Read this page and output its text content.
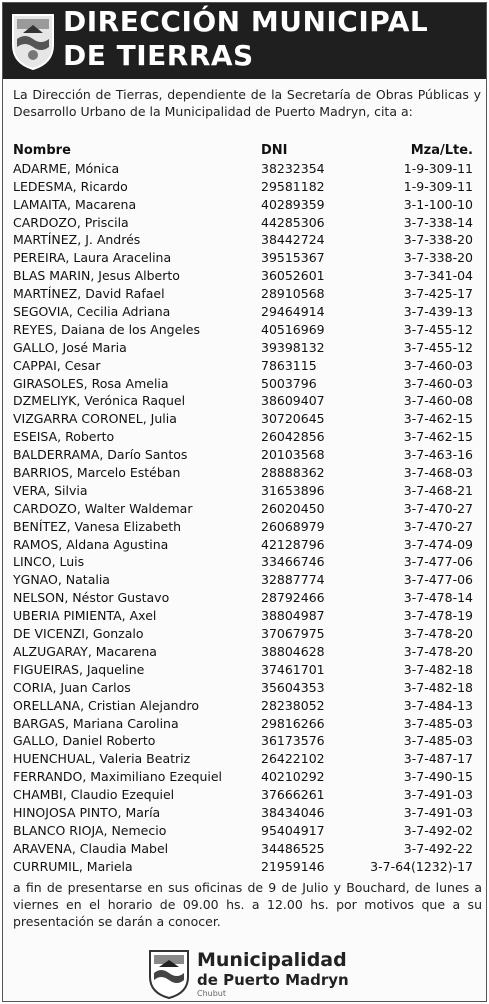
DIRECCIÓN MUNICIPAL
DE TIERRAS
La Dirección de Tierras, dependiente de la Secretaría de Obras Públicas y Desarrollo Urbano de la Municipalidad de Puerto Madryn, cita a:
Nombre	DNI	Mza/Lte.
ADARME, Mónica	38232354	1-9-309-11
LEDESMA, Ricardo	29581182	1-9-309-11
LAMAITA, Macarena	40289359	3-1-100-10
CARDOZO, Priscila	44285306	3-7-338-14
MARTÍNEZ, J. Andrés	38442724	3-7-338-20
PEREIRA, Laura Aracelina	39515367	3-7-338-20
BLAS MARIN, Jesus Alberto	36052601	3-7-341-04
MARTÍNEZ, David Rafael	28910568	3-7-425-17
SEGOVIA, Cecilia Adriana	29464914	3-7-439-13
REYES, Daiana de los Angeles	40516969	3-7-455-12
GALLO, José Maria	39398132	3-7-455-12
CAPPAI, Cesar	7863115	3-7-460-03
GIRASOLES, Rosa Amelia	5003796	3-7-460-03
DZMELIYK, Verónica Raquel	38609407	3-7-460-08
VIZGARRA CORONEL, Julia	30720645	3-7-462-15
ESEISA, Roberto	26042856	3-7-462-15
BALDERRAMA, Darío Santos	20103568	3-7-463-16
BARRIOS, Marcelo Estéban	28888362	3-7-468-03
VERA, Silvia	31653896	3-7-468-21
CARDOZO, Walter Waldemar	26020450	3-7-470-27
BENÍTEZ, Vanesa Elizabeth	26068979	3-7-470-27
RAMOS, Aldana Agustina	42128796	3-7-474-09
LINCO, Luis	33466746	3-7-477-06
YGNAO, Natalia	32887774	3-7-477-06
NELSON, Néstor Gustavo	28792466	3-7-478-14
UBERIA PIMIENTA, Axel	38804987	3-7-478-19
DE VICENZI, Gonzalo	37067975	3-7-478-20
ALZUGARAY, Macarena	38804628	3-7-478-20
FIGUEIRAS, Jaqueline	37461701	3-7-482-18
CORIA, Juan Carlos	35604353	3-7-482-18
ORELLANA, Cristian Alejandro	28238052	3-7-484-13
BARGAS, Mariana Carolina	29816266	3-7-485-03
GALLO, Daniel Roberto	36173576	3-7-485-03
HUENCHUAL, Valeria Beatriz	26422102	3-7-487-17
FERRANDO, Maximiliano Ezequiel	40210292	3-7-490-15
CHAMBI, Claudio Ezequiel	37666261	3-7-491-03
HINOJOSA PINTO, María	38434046	3-7-491-03
BLANCO RIOJA, Nemecio	95404917	3-7-492-02
ARAVENA, Claudia Mabel	34486525	3-7-492-22
CURRUMIL, Mariela	21959146	3-7-64(1232)-17
a fin de presentarse en sus oficinas de 9 de Julio y Bouchard, de lunes a viernes en el horario de 09.00 hs. a 12.00 hs. por motivos que a su presentación se darán a conocer.
Municipalidad
de Puerto Madryn
Chubut
